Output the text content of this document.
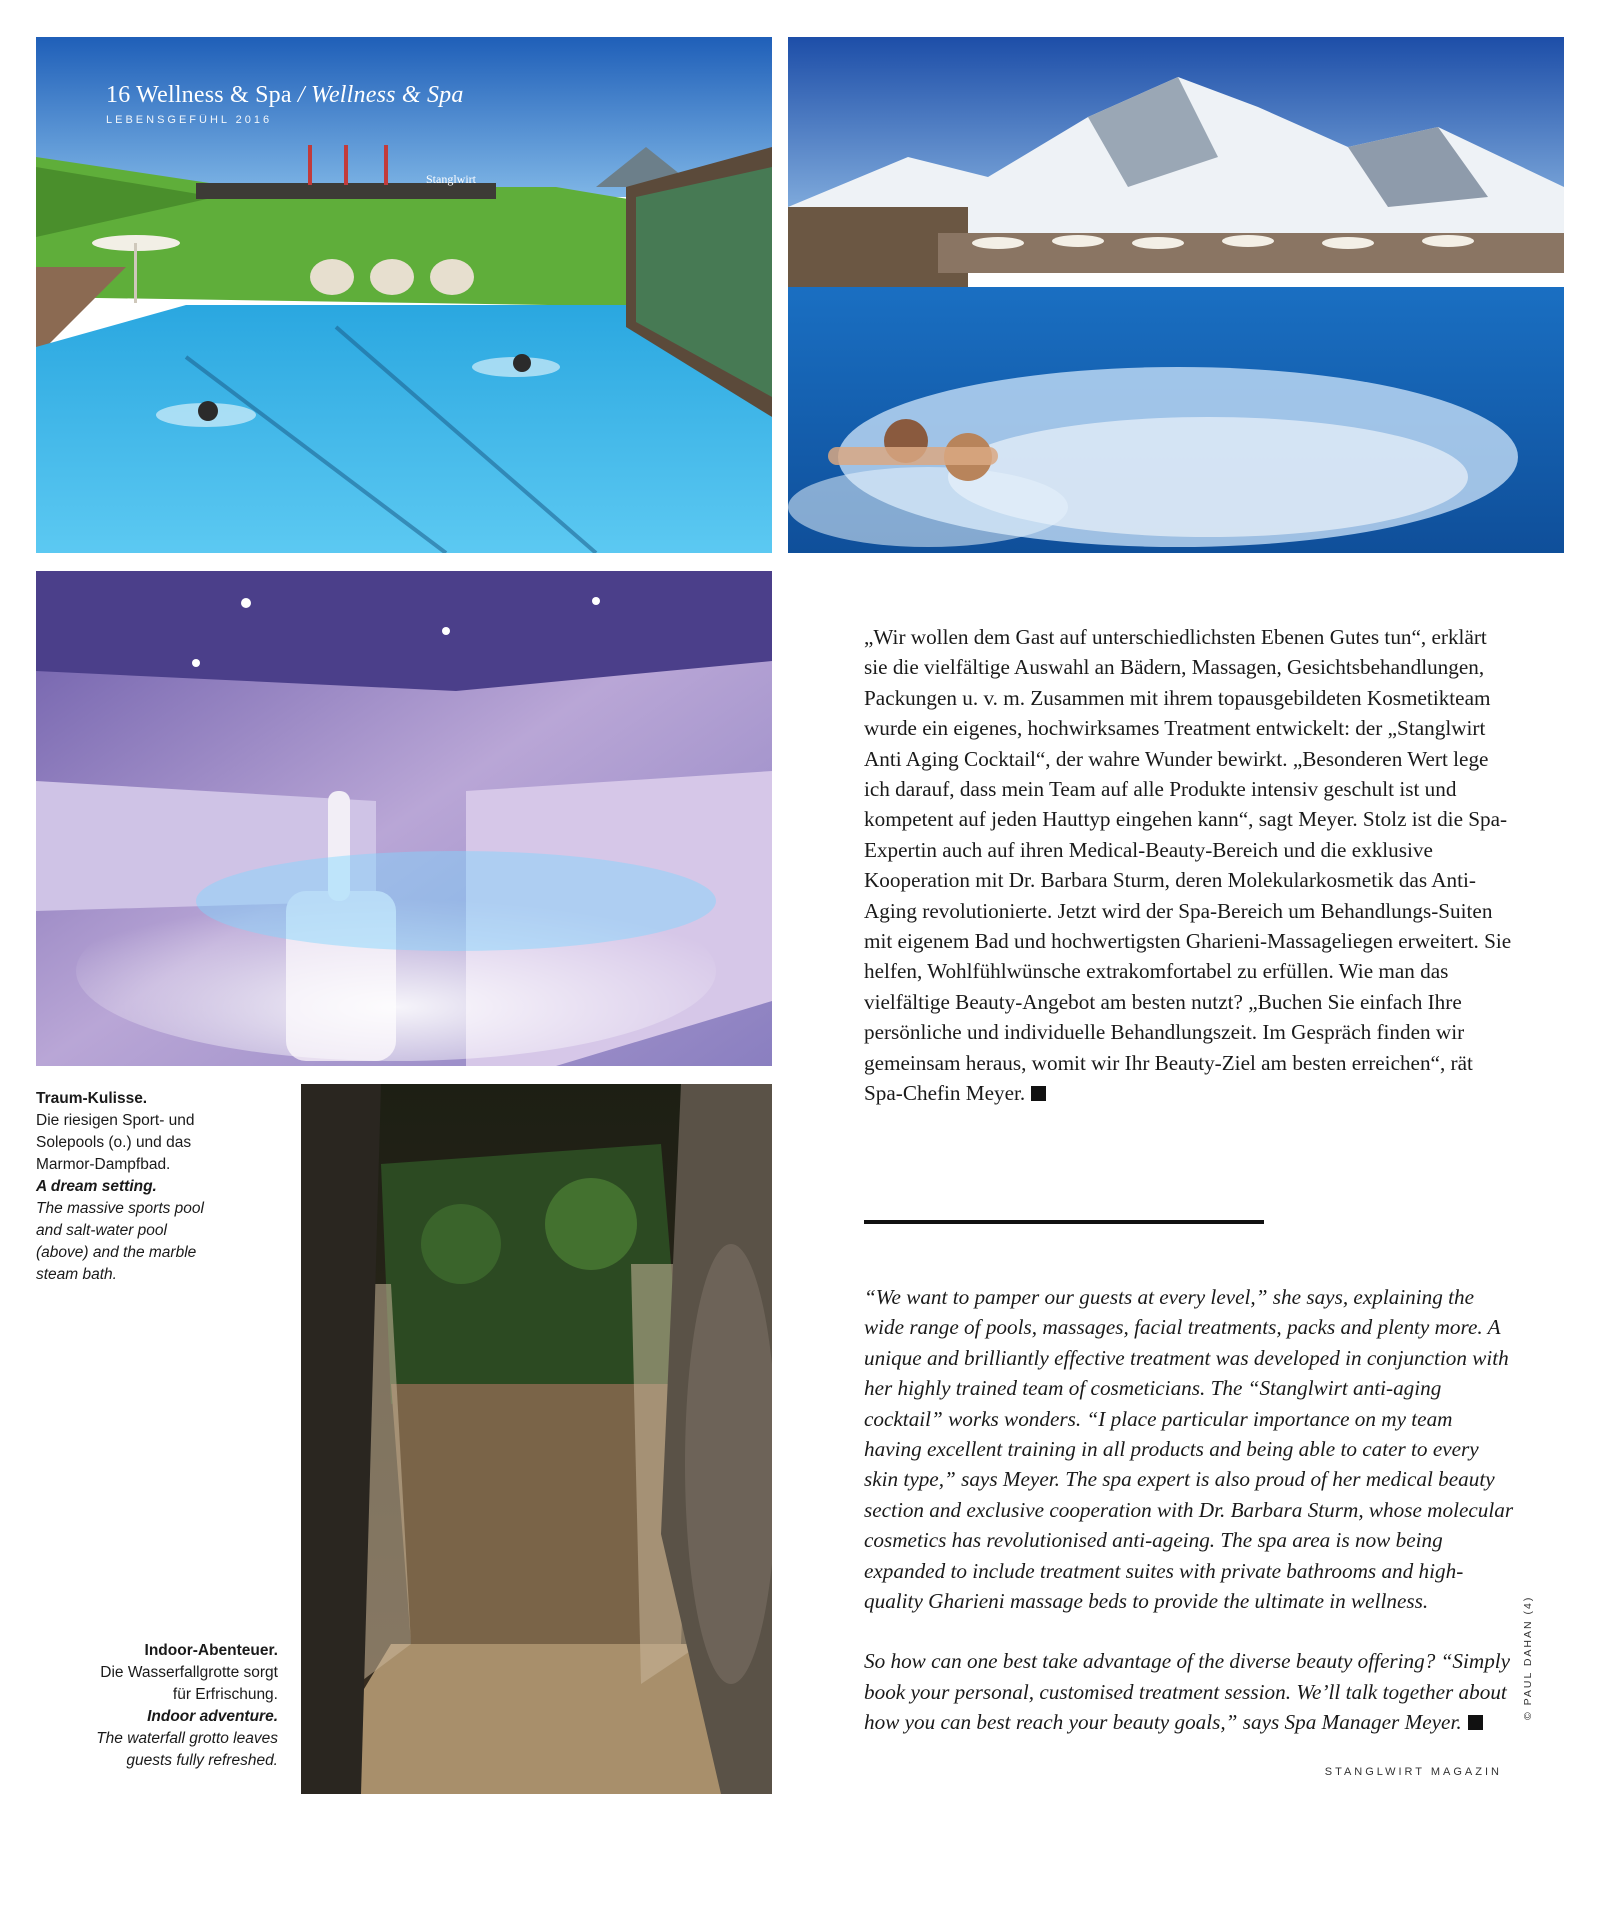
Stanglwirt
16 Wellness & Spa / Wellness & Spa
LEBENSGEFÜHL 2016
Traum-Kulisse.
Die riesigen Sport- und Solepools (o.) und das Marmor-Dampfbad.
A dream setting.
The massive sports pool and salt-water pool (above) and the marble steam bath.
Indoor-Abenteuer.
Die Wasserfallgrotte sorgt für Erfrischung.
Indoor adventure.
The waterfall grotto leaves guests fully refreshed.

„Wir wollen dem Gast auf unterschiedlichsten Ebenen Gutes tun“, erklärt sie die vielfältige Auswahl an Bädern, Massagen, Gesichtsbehandlungen, Packungen u. v. m. Zusammen mit ihrem topausgebildeten Kosmetikteam wurde ein eigenes, hochwirksames Treatment entwickelt: der „Stanglwirt Anti Aging Cocktail“, der wahre Wunder bewirkt. „Besonderen Wert lege ich darauf, dass mein Team auf alle Produkte intensiv geschult ist und kompetent auf jeden Hauttyp eingehen kann“, sagt Meyer. Stolz ist die Spa-Expertin auch auf ihren Medical-Beauty-Bereich und die exklusive Kooperation mit Dr. Barbara Sturm, deren Molekularkosmetik das Anti-Aging revolutionierte. Jetzt wird der Spa-Bereich um Behandlungs-Suiten mit eigenem Bad und hochwertigsten Gharieni-Massageliegen erweitert. Sie helfen, Wohlfühlwünsche extrakomfortabel zu erfüllen. Wie man das vielfältige Beauty-Angebot am besten nutzt? „Buchen Sie einfach Ihre persönliche und individuelle Behandlungszeit. Im Gespräch finden wir gemeinsam heraus, womit wir Ihr Beauty-Ziel am besten erreichen“, rät Spa-Chefin Meyer.

“We want to pamper our guests at every level,” she says, explaining the wide range of pools, massages, facial treatments, packs and plenty more. A unique and brilliantly effective treatment was developed in conjunction with her highly trained team of cosmeticians. The “Stanglwirt anti-aging cocktail” works wonders. “I place particular importance on my team having excellent training in all products and being able to cater to every skin type,” says Meyer. The spa expert is also proud of her medical beauty section and exclusive cooperation with Dr. Barbara Sturm, whose molecular cosmetics has revolutionised anti-ageing. The spa area is now being expanded to include treatment suites with private bathrooms and high-quality Gharieni massage beds to provide the ultimate in wellness.

So how can one best take advantage of the diverse beauty offering? “Simply book your personal, customised treatment session. We’ll talk together about how you can best reach your beauty goals,” says Spa Manager Meyer.

© PAUL DAHAN (4)
STANGLWIRT MAGAZIN
